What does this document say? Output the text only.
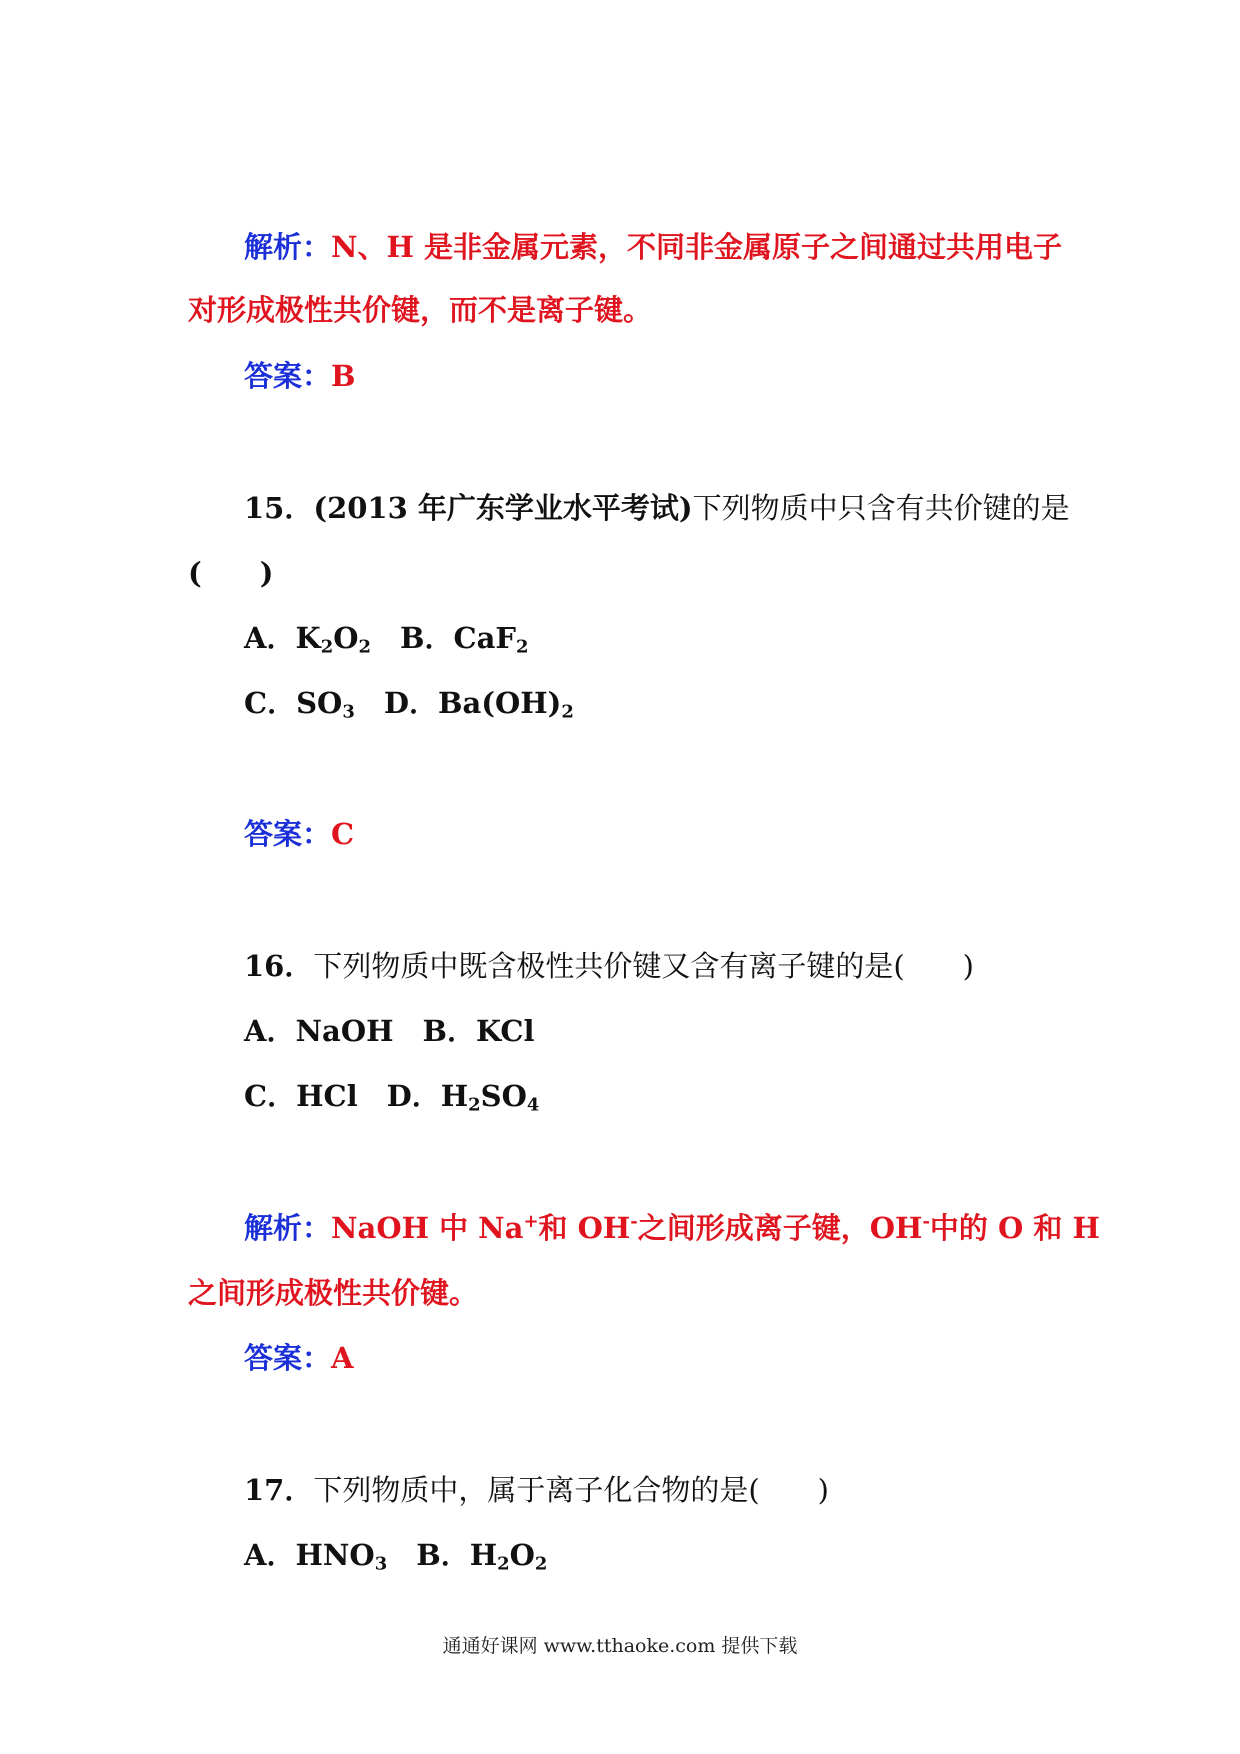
解析：N、H 是非金属元素，不同非金属原子之间通过共用电子
对形成极性共价键，而不是离子键。
答案：B
15．(2013 年广东学业水平考试)下列物质中只含有共价键的是
(　　)
A．$K_2O_2$ B．CaF$_2$
C．$SO_3$ D．$Ba(OH)_2$
答案：C
16．下列物质中既含极性共价键又含有离子键的是(　　)
A．NaOH B．KCl
C．HCl D．$H_2SO_4$
解析：NaOH 中 Na+和 OH-之间形成离子键，OH-中的 O 和 H
之间形成极性共价键。
答案：A
17．下列物质中，属于离子化合物的是(　　)
A．$HNO_3$ B．$H_2O_2$
通通好课网 www.tthaoke.com 提供下载
